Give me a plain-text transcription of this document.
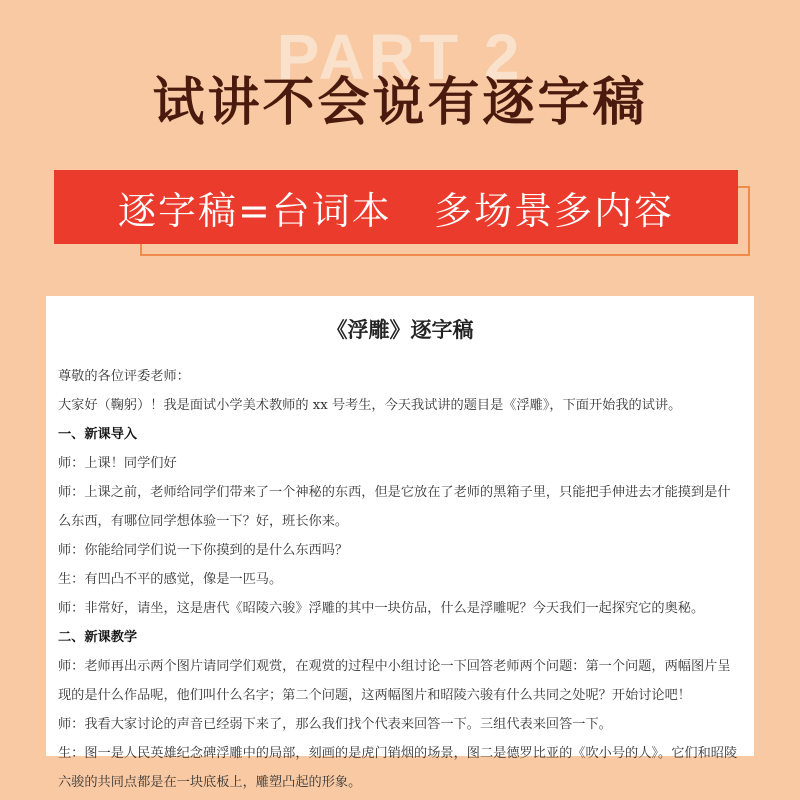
PART 2
试讲不会说有逐字稿
逐字稿=台词本   多场景多内容
《浮雕》逐字稿
尊敬的各位评委老师：
大家好（鞠躬）！我是面试小学美术教师的 xx 号考生，今天我试讲的题目是《浮雕》，下面开始我的试讲。
一、新课导入
师：上课！同学们好
师：上课之前，老师给同学们带来了一个神秘的东西，但是它放在了老师的黑箱子里，只能把手伸进去才能摸到是什么东西，有哪位同学想体验一下？好，班长你来。
师：你能给同学们说一下你摸到的是什么东西吗？
生：有凹凸不平的感觉，像是一匹马。
师：非常好，请坐，这是唐代《昭陵六骏》浮雕的其中一块仿品，什么是浮雕呢？今天我们一起探究它的奥秘。
二、新课教学
师：老师再出示两个图片请同学们观赏，在观赏的过程中小组讨论一下回答老师两个问题：第一个问题，两幅图片呈现的是什么作品呢，他们叫什么名字；第二个问题，这两幅图片和昭陵六骏有什么共同之处呢？开始讨论吧！
师：我看大家讨论的声音已经弱下来了，那么我们找个代表来回答一下。三组代表来回答一下。
生：图一是人民英雄纪念碑浮雕中的局部，刻画的是虎门销烟的场景，图二是德罗比亚的《吹小号的人》。它们和昭陵六骏的共同点都是在一块底板上，雕塑凸起的形象。
